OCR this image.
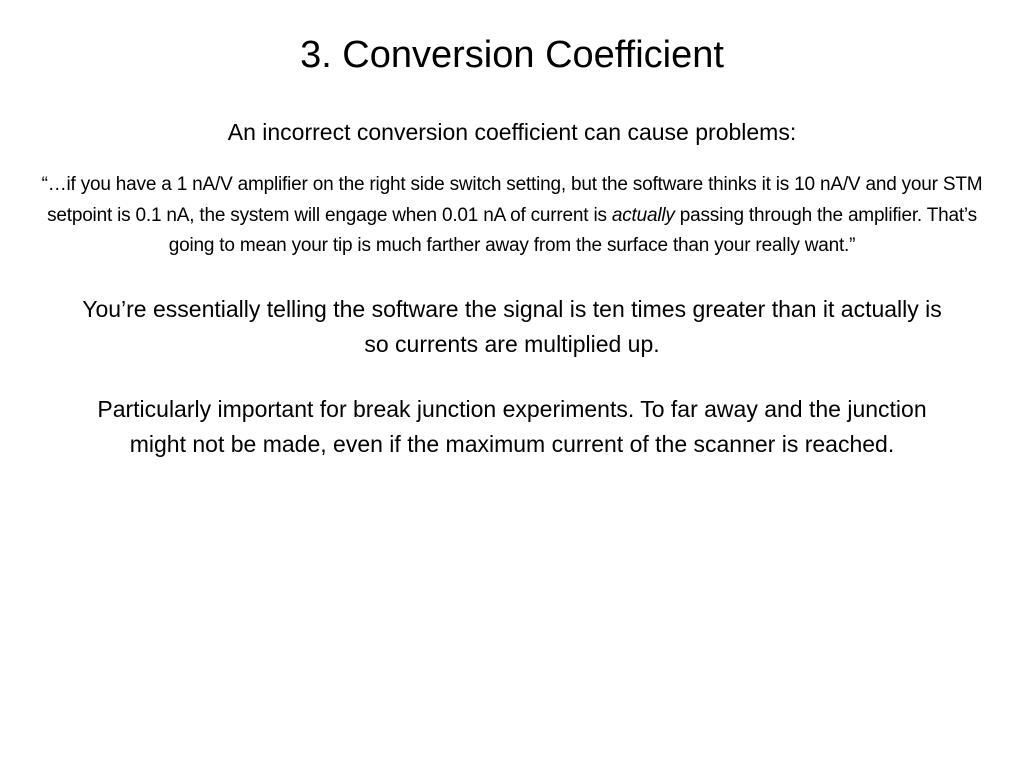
3. Conversion Coefficient

An incorrect conversion coefficient can cause problems:

“…if you have a 1 nA/V amplifier on the right side switch setting, but the software thinks it is 10 nA/V and your STM setpoint is 0.1 nA, the system will engage when 0.01 nA of current is actually passing through the amplifier. That’s going to mean your tip is much farther away from the surface than your really want.”

You’re essentially telling the software the signal is ten times greater than it actually is so currents are multiplied up.

Particularly important for break junction experiments. To far away and the junction might not be made, even if the maximum current of the scanner is reached.
